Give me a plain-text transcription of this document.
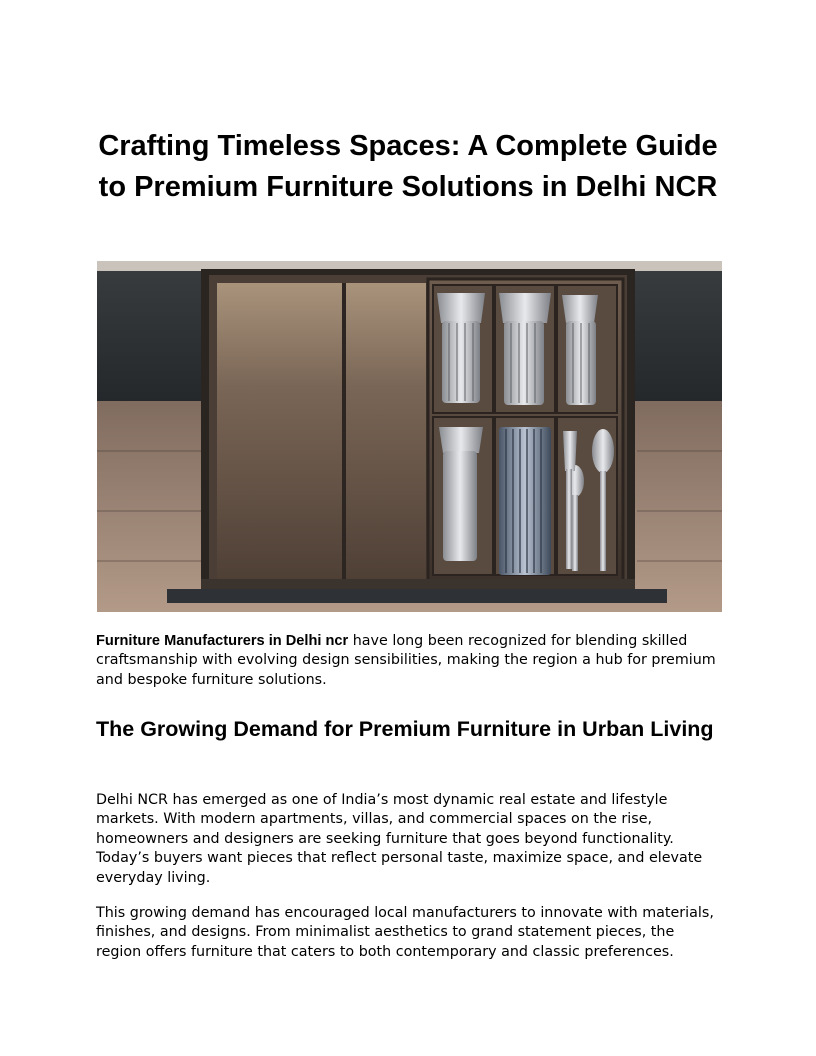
Crafting Timeless Spaces: A Complete Guide to Premium Furniture Solutions in Delhi NCR

Furniture Manufacturers in Delhi ncr have long been recognized for blending skilled craftsmanship with evolving design sensibilities, making the region a hub for premium and bespoke furniture solutions.

The Growing Demand for Premium Furniture in Urban Living

Delhi NCR has emerged as one of India’s most dynamic real estate and lifestyle markets. With modern apartments, villas, and commercial spaces on the rise, homeowners and designers are seeking furniture that goes beyond functionality. Today’s buyers want pieces that reflect personal taste, maximize space, and elevate everyday living.

This growing demand has encouraged local manufacturers to innovate with materials, finishes, and designs. From minimalist aesthetics to grand statement pieces, the region offers furniture that caters to both contemporary and classic preferences.
